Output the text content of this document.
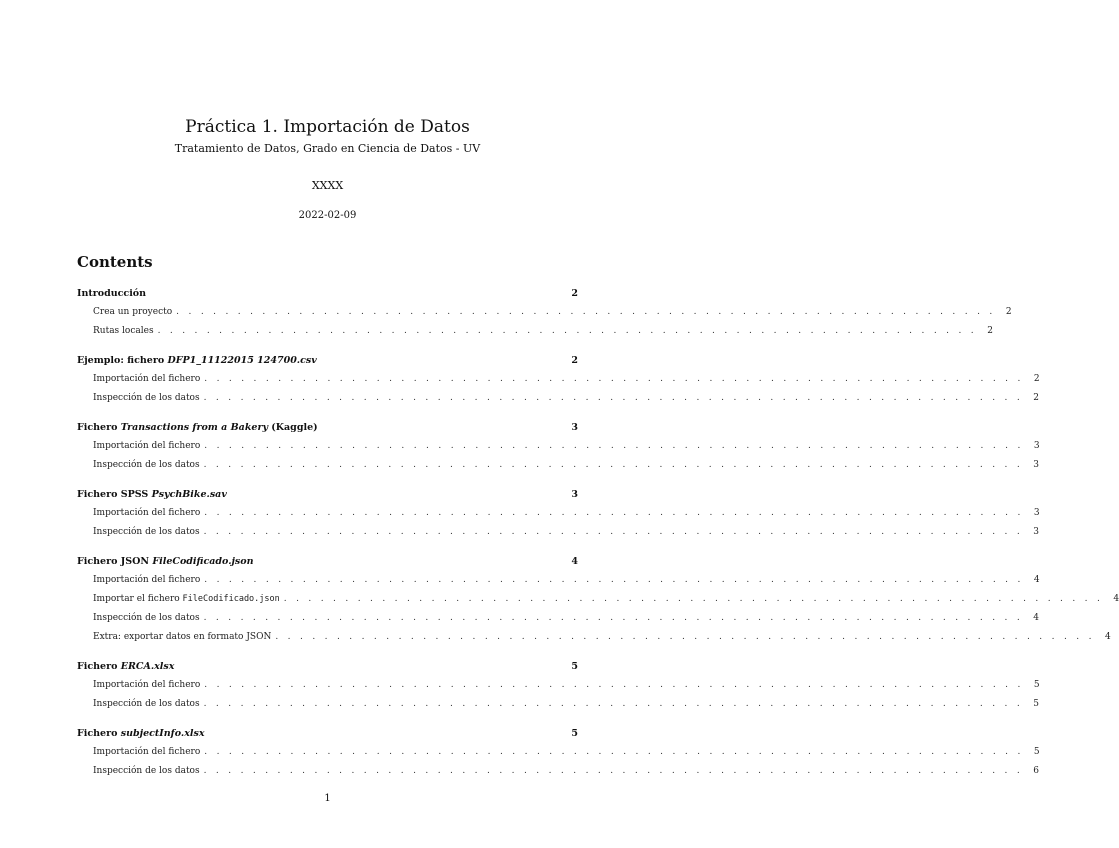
Práctica 1. Importación de Datos
Tratamiento de Datos, Grado en Ciencia de Datos - UV
XXXX
2022-02-09
Contents
Introducción	2
Crea un proyecto . . . . . . . . . . . . . . . . . . . . . . . . . . . . . . . . . . . . . . . . . . . . . . . . . . . . . . . . . . . . . . . . . . .	2
Rutas locales . . . . . . . . . . . . . . . . . . . . . . . . . . . . . . . . . . . . . . . . . . . . . . . . . . . . . . . . . . . . . . . . . . .	2
Ejemplo: fichero DFP1_11122015 124700.csv	2
Importación del fichero . . . . . . . . . . . . . . . . . . . . . . . . . . . . . . . . . . . . . . . . . . . . . . . . . . . . . . . . . . . . . . . . . . .	2
Inspección de los datos . . . . . . . . . . . . . . . . . . . . . . . . . . . . . . . . . . . . . . . . . . . . . . . . . . . . . . . . . . . . . . . . . . .	2
Fichero Transactions from a Bakery (Kaggle)	3
Importación del fichero . . . . . . . . . . . . . . . . . . . . . . . . . . . . . . . . . . . . . . . . . . . . . . . . . . . . . . . . . . . . . . . . . . .	3
Inspección de los datos . . . . . . . . . . . . . . . . . . . . . . . . . . . . . . . . . . . . . . . . . . . . . . . . . . . . . . . . . . . . . . . . . . .	3
Fichero SPSS PsychBike.sav	3
Importación del fichero . . . . . . . . . . . . . . . . . . . . . . . . . . . . . . . . . . . . . . . . . . . . . . . . . . . . . . . . . . . . . . . . . . .	3
Inspección de los datos . . . . . . . . . . . . . . . . . . . . . . . . . . . . . . . . . . . . . . . . . . . . . . . . . . . . . . . . . . . . . . . . . . .	3
Fichero JSON FileCodificado.json	4
Importación del fichero . . . . . . . . . . . . . . . . . . . . . . . . . . . . . . . . . . . . . . . . . . . . . . . . . . . . . . . . . . . . . . . . . . .	4
Importar el fichero FileCodificado.json . . . . . . . . . . . . . . . . . . . . . . . . . . . . . . . . . . . . . . . . . . . . . . . . . . . . . . . . . . . . . . . . . . .	4
Inspección de los datos . . . . . . . . . . . . . . . . . . . . . . . . . . . . . . . . . . . . . . . . . . . . . . . . . . . . . . . . . . . . . . . . . . .	4
Extra: exportar datos en formato JSON . . . . . . . . . . . . . . . . . . . . . . . . . . . . . . . . . . . . . . . . . . . . . . . . . . . . . . . . . . . . . . . . . . .	4
Fichero ERCA.xlsx	5
Importación del fichero . . . . . . . . . . . . . . . . . . . . . . . . . . . . . . . . . . . . . . . . . . . . . . . . . . . . . . . . . . . . . . . . . . .	5
Inspección de los datos . . . . . . . . . . . . . . . . . . . . . . . . . . . . . . . . . . . . . . . . . . . . . . . . . . . . . . . . . . . . . . . . . . .	5
Fichero subjectInfo.xlsx	5
Importación del fichero . . . . . . . . . . . . . . . . . . . . . . . . . . . . . . . . . . . . . . . . . . . . . . . . . . . . . . . . . . . . . . . . . . .	5
Inspección de los datos . . . . . . . . . . . . . . . . . . . . . . . . . . . . . . . . . . . . . . . . . . . . . . . . . . . . . . . . . . . . . . . . . . .	6
1
